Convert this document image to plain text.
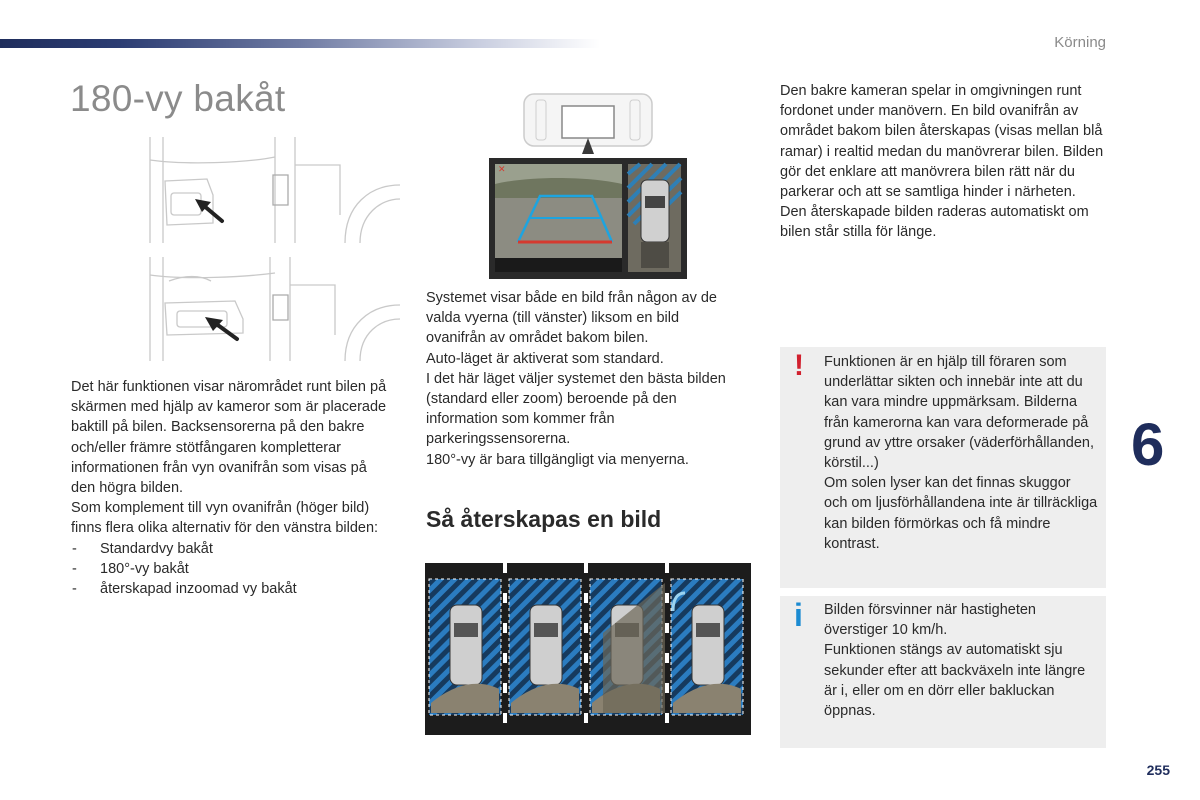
Körning
180-vy bakåt
✕

Det här funktionen visar närområdet runt bilen på skärmen med hjälp av kameror som är placerade baktill på bilen. Backsensorerna på den bakre och/eller främre stötfångaren kompletterar informationen från vyn ovanifrån som visas på den högra bilden.

Som komplement till vyn ovanifrån (höger bild) finns flera olika alternativ för den vänstra bilden:

- Standardvy bakåt
- 180°-vy bakåt
- återskapad inzoomad vy bakåt

Systemet visar både en bild från någon av de valda vyerna (till vänster) liksom en bild ovanifrån av området bakom bilen.

Auto-läget är aktiverat som standard.

I det här läget väljer systemet den bästa bilden (standard eller zoom) beroende på den information som kommer från parkeringssensorerna.

180°-vy är bara tillgängligt via menyerna.

Så återskapas en bild

Den bakre kameran spelar in omgivningen runt fordonet under manövern. En bild ovanifrån av området bakom bilen återskapas (visas mellan blå ramar) i realtid medan du manövrerar bilen. Bilden gör det enklare att manövrera bilen rätt när du parkerar och att se samtliga hinder i närheten.

Den återskapade bilden raderas automatiskt om bilen står stilla för länge.

! Funktionen är en hjälp till föraren som underlättar sikten och innebär inte att du kan vara mindre uppmärksam. Bilderna från kamerorna kan vara deformerade på grund av yttre orsaker (väderförhållanden, körstil...)

Om solen lyser kan det finnas skuggor och om ljusförhållandena inte är tillräckliga kan bilden förmörkas och få mindre kontrast.

i Bilden försvinner när hastigheten överstiger 10 km/h.

Funktionen stängs av automatiskt sju sekunder efter att backväxeln inte längre är i, eller om en dörr eller bakluckan öppnas.

6
255
